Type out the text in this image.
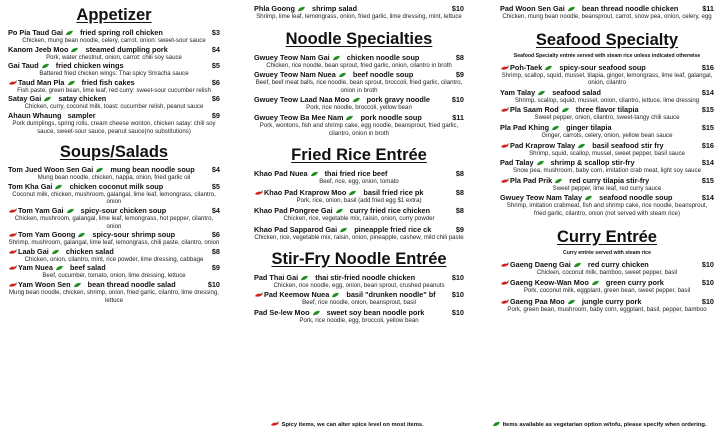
Appetizer
Po Pia Taud Gai fried spring roll chicken	$3
Chicken, mung bean noodle, celery, carrot, onion: sweet-sour sauce
Kanom Jeeb Moo steamed dumpling pork	$4
Pork, water chestnut, onion, carrot: chili soy sauce
Gai Taud fried chicken wings	$5
Battered fried chicken wings: Thai spicy Sriracha sauce
Taud Man Pla fried fish cakes	$6
Fish paste, green bean, lime leaf, red curry: sweet-sour cucumber relish
Satay Gai satay chicken	$6
Chicken, curry, coconut milk, toast: cucumber relish, peanut sauce
Ahaun Whaung sampler	$9
Pork dumplings, spring rolls, cream cheese wonton, chicken satay: chili soy sauce, sweet-sour sauce, peanut sauce(no substitutions)
Soups/Salads
Tom Jued Woon Sen Gai mung bean noodle soup	$4
Mung bean noodle, chicken, nappa, onion, fried garlic oil
Tom Kha Gai chicken coconut milk soup	$5
Coconut milk, chicken, mushroom, galangal, lime leaf, lemongrass, cilantro, onion
Tom Yam Gai spicy-sour chicken soup	$4
Chicken, mushroom, galangal, lime leaf, lemongrass, hot pepper, cilantro, onion
Tom Yam Goong spicy-sour shrimp soup	$6
Shrimp, mushroom, galangal, lime leaf, lemongrass, chili paste, cilantro, onion
Laab Gai chicken salad	$8
Chicken, onion, cilantro, mint, rice powder, lime dressing, cabbage
Yam Nuea beef salad	$9
Beef, cucumber, tomato, onion, lime dressing, lettuce
Yam Woon Sen bean thread noodle salad	$10
Mung bean noodle, chicken, shrimp, onion, fried garlic, cilantro, lime dressing, lettuce
Phla Goong shrimp salad	$10
Shrimp, lime leaf, lemongrass, onion, fried garlic, lime dressing, mint, lettuce
Noodle Specialties
Gwuey Teow Nam Gai chicken noodle soup	$8
Chicken, rice noodle, bean sprout, fried garlic, onion, cilantro in broth
Gwuey Teow Nam Nuea beef noodle soup	$9
Beef, beef meat balls, rice noodle, bean sprout, broccoli, fried garlic, cilantro, onion in broth
Gwuey Teow Laad Naa Moo pork gravy noodle	$10
Pork, rice noodle, broccoli, yellow bean
Gwuey Teow Ba Mee Nam pork noodle soup	$11
Pork, wontons, fish and shrimp cake, egg noodle, beansprout, fried garlic, cilantro, onion in broth
Fried Rice Entrée
Khao Pad Nuea thai fried rice beef	$8
Beef, rice, egg, onion, tomato
Khao Pad Kraprow Moo basil fried rice pk	$8
Pork, rice, onion, basil (add fried egg $1 extra)
Khao Pad Pongree Gai curry fried rice chicken	$8
Chicken, rice, vegetable mix, raisin, onion, curry powder
Khao Pad Sapparod Gai pineapple fried rice ck	$9
Chicken, rice, vegetable mix, raisin, onion, pineapple, cashew, mild chili paste
Stir-Fry Noodle Entrée
Pad Thai Gai thai stir-fried noodle chicken	$10
Chicken, rice noodle, egg, onion, bean sprout, crushed peanuts
Pad Keemow Nuea basil "drunken noodle" bf	$10
Beef, rice noodle, onion, beansprout, basil
Pad Se-lew Moo sweet soy bean noodle pork	$10
Pork, rice noodle, egg, broccoli, yellow bean
Pad Woon Sen Gai bean thread noodle chicken	$11
Chicken, mung bean noodle, beansprout, carrot, snow pea, onion, celery, egg
Seafood Specialty
Seafood Specialty entrée served with steam rice unless indicated otherwise
Poh-Taek spicy-sour seafood soup	$16
Shrimp, scallop, squid, mussel, tilapia, ginger, lemongrass, lime leaf, galangal, onion, cilantro
Yam Talay seafood salad	$14
Shrimp, scallop, squid, mussel, onion, cilantro, lettuce, lime dressing
Pla Saam Rod three flavor tilapia	$15
Sweet pepper, onion, cilantro, sweet-tangy chili sauce
Pla Pad Khing ginger tilapia	$15
Ginger, carrots, celery, onion, yellow bean sauce
Pad Kraprow Talay basil seafood stir fry	$16
Shrimp, squid, scallop, mussel, sweet pepper, basil sauce
Pad Talay shrimp & scallop stir-fry	$14
Snow pea, mushroom, baby corn, imitation crab meat, light soy sauce
Pla Pad Prik red curry tilapia stir-fry	$15
Sweet pepper, lime leaf, red curry sauce
Gwuey Teow Nam Talay seafood noodle soup	$14
Shrimp, imitation crabmeat, fish and shrimp cake, rice noodle, beansprout, fried garlic, cilantro, onion (not served with steam rice)
Curry Entrée
Curry entrée served with steam rice
Gaeng Daeng Gai red curry chicken	$10
Chicken, coconut milk, bamboo, sweet pepper, basil
Gaeng Keow-Wan Moo green curry pork	$10
Pork, coconut milk, eggplant, green bean, sweet pepper, basil
Gaeng Paa Moo jungle curry pork	$10
Pork, green bean, mushroom, baby corn, eggplant, basil, pepper, bamboo
Spicy items, we can alter spice level on most items.	Items available as vegetarian option w/tofu, please specify when ordering.
